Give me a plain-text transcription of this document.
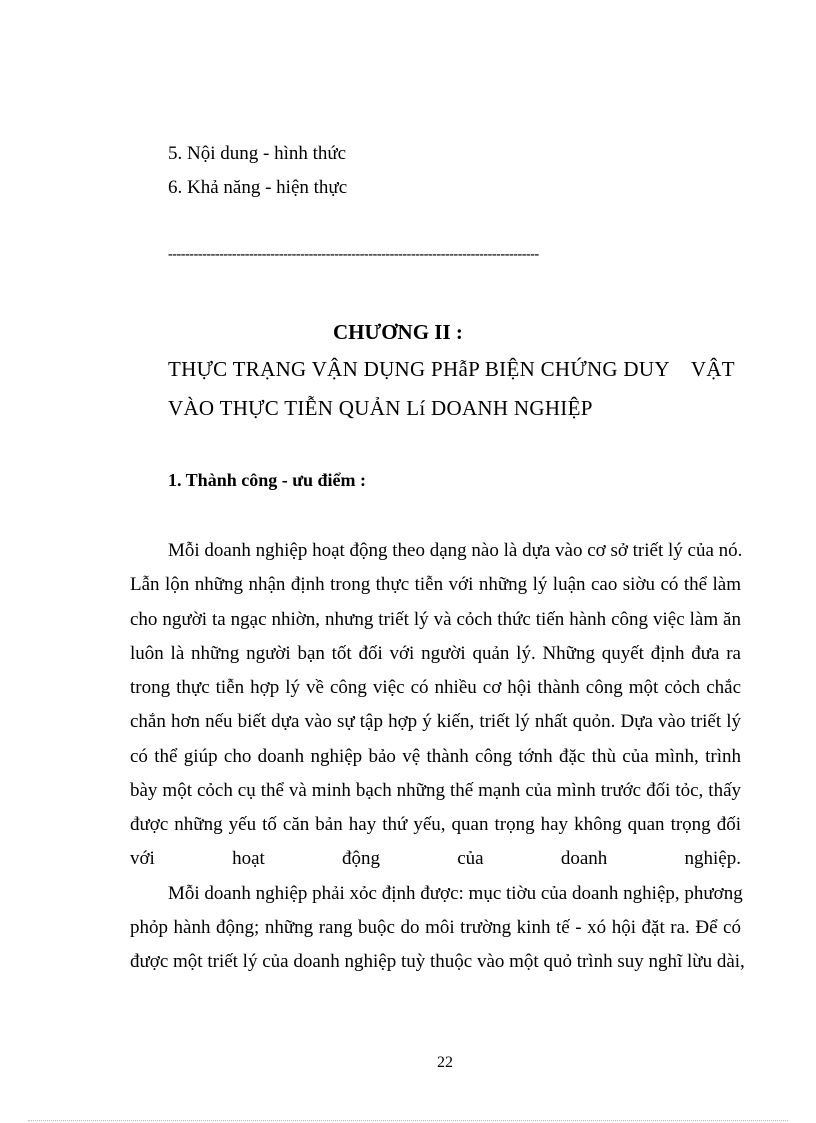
5. Nội dung - hình thức
6. Khả năng - hiện thực
---------------------------------------------------------------------------------------
CHƯƠNG II :
THỰC TRẠNG VẬN DỤNG PHẫP BIỆN CHỨNG DUY    VẬT
VÀO THỰC TIỄN QUẢN Lí DOANH NGHIỆP
1. Thành công - ưu điểm :
Mỗi doanh nghiệp hoạt động theo dạng nào là dựa vào cơ sở triết lý của nó.
Lẫn lộn những nhận định trong thực tiễn với những lý luận cao siờu có thể làm
cho người ta ngạc nhiờn, nhưng triết lý và cỏch thức tiến hành công việc làm ăn
luôn là những người bạn tốt đối với người quản lý. Những quyết định đưa ra
trong thực tiễn hợp lý về công việc có nhiều cơ hội thành công một cỏch chắc
chắn hơn nếu biết dựa vào sự tập hợp ý kiến, triết lý nhất quỏn. Dựa vào triết lý
có thể giúp cho doanh nghiệp bảo vệ thành công tớnh đặc thù của mình, trình
bày một cỏch cụ thể và minh bạch những thế mạnh của mình trước đối tỏc, thấy
được những yếu tố căn bản hay thứ yếu, quan trọng hay không quan trọng đối
với hoạt động của doanh nghiệp.
Mỗi doanh nghiệp phải xỏc định được: mục tiờu của doanh nghiệp, phương
phỏp hành động; những rang buộc do môi trường kinh tế - xó hội đặt ra. Để có
được một triết lý của doanh nghiệp tuỳ thuộc vào một quỏ trình suy nghĩ lừu dài,
22
